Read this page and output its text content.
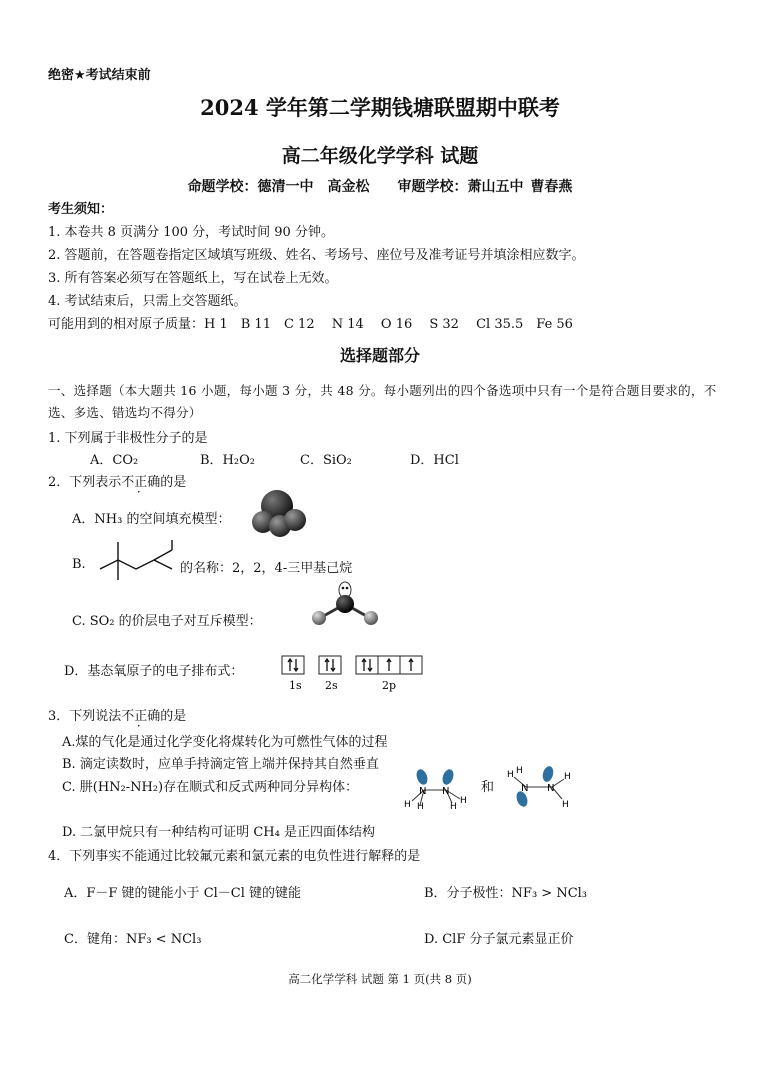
绝密★考试结束前
2024 学年第二学期钱塘联盟期中联考
高二年级化学学科 试题
命题学校：德清一中　高金松　　审题学校：萧山五中 曹春燕
考生须知：
1. 本卷共 8 页满分 100 分，考试时间 90 分钟。
2. 答题前，在答题卷指定区域填写班级、姓名、考场号、座位号及准考证号并填涂相应数字。
3. 所有答案必须写在答题纸上，写在试卷上无效。
4. 考试结束后，只需上交答题纸。
可能用到的相对原子质量：H 1　B 11　C 12　 N 14　 O 16　 S 32　 Cl 35.5　Fe 56
选择题部分
一、选择题（本大题共 16 小题，每小题 3 分，共 48 分。每小题列出的四个备选项中只有一个是符合题目要求的，不选、多选、错选均不得分）
1. 下列属于非极性分子的是
A．CO₂	B．H₂O₂	C．SiO₂	D．HCl
2．下列表示不正确的是
A．NH₃ 的空间填充模型：
B.	的名称：2，2，4-三甲基己烷
C. SO₂ 的价层电子对互斥模型：
D．基态氧原子的电子排布式：
1s 2s	2p
3．下列说法不正确的是
A.煤的气化是通过化学变化将煤转化为可燃性气体的过程
B. 滴定读数时，应单手持滴定管上端并保持其自然垂直
C. 肼(HN₂-NH₂)存在顺式和反式两种同分异构体：	N N
H H	H
H
和	N N
H H
H
H
D. 二氯甲烷只有一种结构可证明 CH₄ 是正四面体结构
4．下列事实不能通过比较氟元素和氯元素的电负性进行解释的是
A．F－F 键的键能小于 Cl－Cl 键的键能	B．分子极性：NF₃ > NCl₃
C．键角：NF₃ < NCl₃	D. ClF 分子氯元素显正价
高二化学学科 试题 第 1 页(共 8 页)
